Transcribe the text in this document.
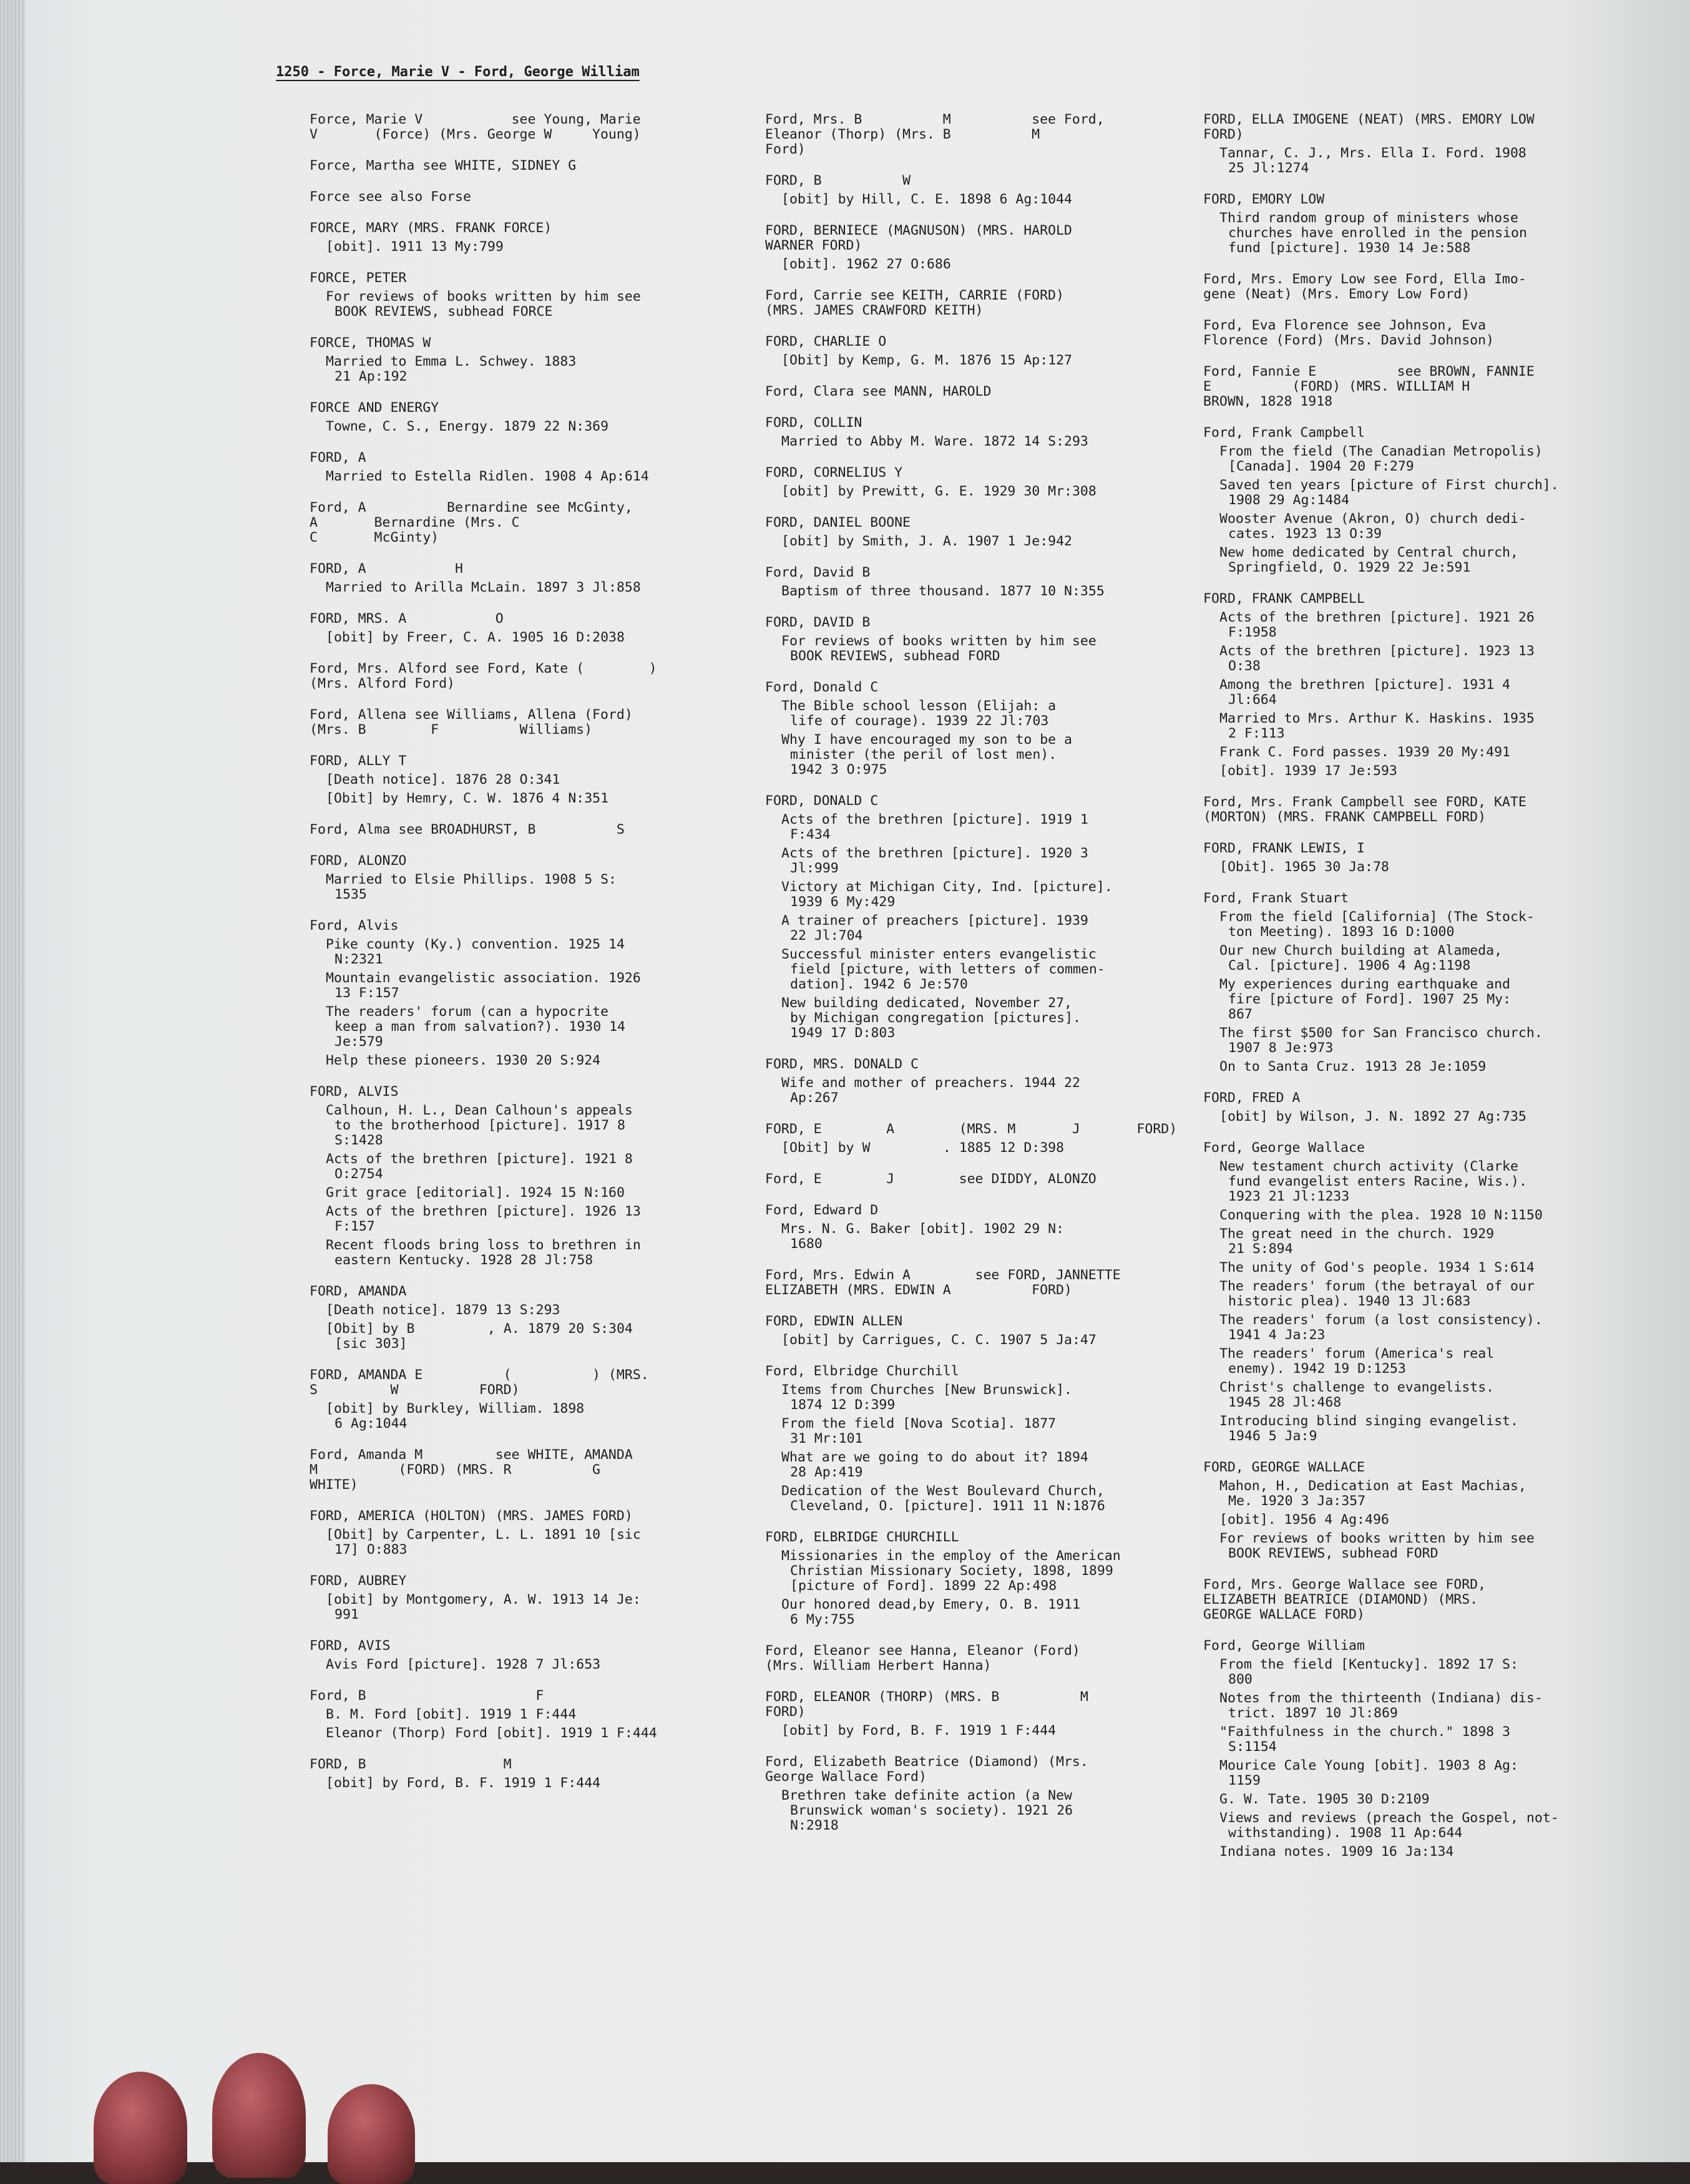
1250 - Force, Marie V - Ford, George William
Force, Marie V           see Young, Marie
V       (Force) (Mrs. George W     Young)
Force, Martha see WHITE, SIDNEY G
Force see also Forse
FORCE, MARY (MRS. FRANK FORCE)
[obit]. 1911 13 My:799
FORCE, PETER
For reviews of books written by him see
BOOK REVIEWS, subhead FORCE
FORCE, THOMAS W
Married to Emma L. Schwey. 1883
21 Ap:192
FORCE AND ENERGY
Towne, C. S., Energy. 1879 22 N:369
FORD, A
Married to Estella Ridlen. 1908 4 Ap:614
Ford, A          Bernardine see McGinty,
A       Bernardine (Mrs. C
C       McGinty)
FORD, A           H
Married to Arilla McLain. 1897 3 Jl:858
FORD, MRS. A           O
[obit] by Freer, C. A. 1905 16 D:2038
Ford, Mrs. Alford see Ford, Kate (        )
(Mrs. Alford Ford)
Ford, Allena see Williams, Allena (Ford)
(Mrs. B        F          Williams)
FORD, ALLY T
[Death notice]. 1876 28 O:341
[Obit] by Hemry, C. W. 1876 4 N:351
Ford, Alma see BROADHURST, B          S
FORD, ALONZO
Married to Elsie Phillips. 1908 5 S:
1535
Ford, Alvis
Pike county (Ky.) convention. 1925 14
N:2321
Mountain evangelistic association. 1926
13 F:157
The readers' forum (can a hypocrite
keep a man from salvation?). 1930 14
Je:579
Help these pioneers. 1930 20 S:924
FORD, ALVIS
Calhoun, H. L., Dean Calhoun's appeals
to the brotherhood [picture]. 1917 8
S:1428
Acts of the brethren [picture]. 1921 8
O:2754
Grit grace [editorial]. 1924 15 N:160
Acts of the brethren [picture]. 1926 13
F:157
Recent floods bring loss to brethren in
eastern Kentucky. 1928 28 Jl:758
FORD, AMANDA
[Death notice]. 1879 13 S:293
[Obit] by B         , A. 1879 20 S:304
[sic 303]
FORD, AMANDA E          (          ) (MRS.
S         W          FORD)
[obit] by Burkley, William. 1898
6 Ag:1044
Ford, Amanda M         see WHITE, AMANDA
M          (FORD) (MRS. R          G
WHITE)
FORD, AMERICA (HOLTON) (MRS. JAMES FORD)
[Obit] by Carpenter, L. L. 1891 10 [sic
17] O:883
FORD, AUBREY
[obit] by Montgomery, A. W. 1913 14 Je:
991
FORD, AVIS
Avis Ford [picture]. 1928 7 Jl:653
Ford, B                     F
B. M. Ford [obit]. 1919 1 F:444
Eleanor (Thorp) Ford [obit]. 1919 1 F:444
FORD, B                 M
[obit] by Ford, B. F. 1919 1 F:444
Ford, Mrs. B          M          see Ford,
Eleanor (Thorp) (Mrs. B          M
Ford)
FORD, B          W
[obit] by Hill, C. E. 1898 6 Ag:1044
FORD, BERNIECE (MAGNUSON) (MRS. HAROLD
WARNER FORD)
[obit]. 1962 27 O:686
Ford, Carrie see KEITH, CARRIE (FORD)
(MRS. JAMES CRAWFORD KEITH)
FORD, CHARLIE O
[Obit] by Kemp, G. M. 1876 15 Ap:127
Ford, Clara see MANN, HAROLD
FORD, COLLIN
Married to Abby M. Ware. 1872 14 S:293
FORD, CORNELIUS Y
[obit] by Prewitt, G. E. 1929 30 Mr:308
FORD, DANIEL BOONE
[obit] by Smith, J. A. 1907 1 Je:942
Ford, David B
Baptism of three thousand. 1877 10 N:355
FORD, DAVID B
For reviews of books written by him see
BOOK REVIEWS, subhead FORD
Ford, Donald C
The Bible school lesson (Elijah: a
life of courage). 1939 22 Jl:703
Why I have encouraged my son to be a
minister (the peril of lost men).
1942 3 O:975
FORD, DONALD C
Acts of the brethren [picture]. 1919 1
F:434
Acts of the brethren [picture]. 1920 3
Jl:999
Victory at Michigan City, Ind. [picture].
1939 6 My:429
A trainer of preachers [picture]. 1939
22 Jl:704
Successful minister enters evangelistic
field [picture, with letters of commen-
dation]. 1942 6 Je:570
New building dedicated, November 27,
by Michigan congregation [pictures].
1949 17 D:803
FORD, MRS. DONALD C
Wife and mother of preachers. 1944 22
Ap:267
FORD, E        A        (MRS. M       J       FORD)
[Obit] by W         . 1885 12 D:398
Ford, E        J        see DIDDY, ALONZO
Ford, Edward D
Mrs. N. G. Baker [obit]. 1902 29 N:
1680
Ford, Mrs. Edwin A        see FORD, JANNETTE
ELIZABETH (MRS. EDWIN A          FORD)
FORD, EDWIN ALLEN
[obit] by Carrigues, C. C. 1907 5 Ja:47
Ford, Elbridge Churchill
Items from Churches [New Brunswick].
1874 12 D:399
From the field [Nova Scotia]. 1877
31 Mr:101
What are we going to do about it? 1894
28 Ap:419
Dedication of the West Boulevard Church,
Cleveland, O. [picture]. 1911 11 N:1876
FORD, ELBRIDGE CHURCHILL
Missionaries in the employ of the American
Christian Missionary Society, 1898, 1899
[picture of Ford]. 1899 22 Ap:498
Our honored dead,by Emery, O. B. 1911
6 My:755
Ford, Eleanor see Hanna, Eleanor (Ford)
(Mrs. William Herbert Hanna)
FORD, ELEANOR (THORP) (MRS. B          M
FORD)
[obit] by Ford, B. F. 1919 1 F:444
Ford, Elizabeth Beatrice (Diamond) (Mrs.
George Wallace Ford)
Brethren take definite action (a New
Brunswick woman's society). 1921 26
N:2918
FORD, ELLA IMOGENE (NEAT) (MRS. EMORY LOW
FORD)
Tannar, C. J., Mrs. Ella I. Ford. 1908
25 Jl:1274
FORD, EMORY LOW
Third random group of ministers whose
churches have enrolled in the pension
fund [picture]. 1930 14 Je:588
Ford, Mrs. Emory Low see Ford, Ella Imo-
gene (Neat) (Mrs. Emory Low Ford)
Ford, Eva Florence see Johnson, Eva
Florence (Ford) (Mrs. David Johnson)
Ford, Fannie E          see BROWN, FANNIE
E          (FORD) (MRS. WILLIAM H
BROWN, 1828 1918
Ford, Frank Campbell
From the field (The Canadian Metropolis)
[Canada]. 1904 20 F:279
Saved ten years [picture of First church].
1908 29 Ag:1484
Wooster Avenue (Akron, O) church dedi-
cates. 1923 13 O:39
New home dedicated by Central church,
Springfield, O. 1929 22 Je:591
FORD, FRANK CAMPBELL
Acts of the brethren [picture]. 1921 26
F:1958
Acts of the brethren [picture]. 1923 13
O:38
Among the brethren [picture]. 1931 4
Jl:664
Married to Mrs. Arthur K. Haskins. 1935
2 F:113
Frank C. Ford passes. 1939 20 My:491
[obit]. 1939 17 Je:593
Ford, Mrs. Frank Campbell see FORD, KATE
(MORTON) (MRS. FRANK CAMPBELL FORD)
FORD, FRANK LEWIS, I
[Obit]. 1965 30 Ja:78
Ford, Frank Stuart
From the field [California] (The Stock-
ton Meeting). 1893 16 D:1000
Our new Church building at Alameda,
Cal. [picture]. 1906 4 Ag:1198
My experiences during earthquake and
fire [picture of Ford]. 1907 25 My:
867
The first $500 for San Francisco church.
1907 8 Je:973
On to Santa Cruz. 1913 28 Je:1059
FORD, FRED A
[obit] by Wilson, J. N. 1892 27 Ag:735
Ford, George Wallace
New testament church activity (Clarke
fund evangelist enters Racine, Wis.).
1923 21 Jl:1233
Conquering with the plea. 1928 10 N:1150
The great need in the church. 1929
21 S:894
The unity of God's people. 1934 1 S:614
The readers' forum (the betrayal of our
historic plea). 1940 13 Jl:683
The readers' forum (a lost consistency).
1941 4 Ja:23
The readers' forum (America's real
enemy). 1942 19 D:1253
Christ's challenge to evangelists.
1945 28 Jl:468
Introducing blind singing evangelist.
1946 5 Ja:9
FORD, GEORGE WALLACE
Mahon, H., Dedication at East Machias,
Me. 1920 3 Ja:357
[obit]. 1956 4 Ag:496
For reviews of books written by him see
BOOK REVIEWS, subhead FORD
Ford, Mrs. George Wallace see FORD,
ELIZABETH BEATRICE (DIAMOND) (MRS.
GEORGE WALLACE FORD)
Ford, George William
From the field [Kentucky]. 1892 17 S:
800
Notes from the thirteenth (Indiana) dis-
trict. 1897 10 Jl:869
"Faithfulness in the church." 1898 3
S:1154
Mourice Cale Young [obit]. 1903 8 Ag:
1159
G. W. Tate. 1905 30 D:2109
Views and reviews (preach the Gospel, not-
withstanding). 1908 11 Ap:644
Indiana notes. 1909 16 Ja:134
